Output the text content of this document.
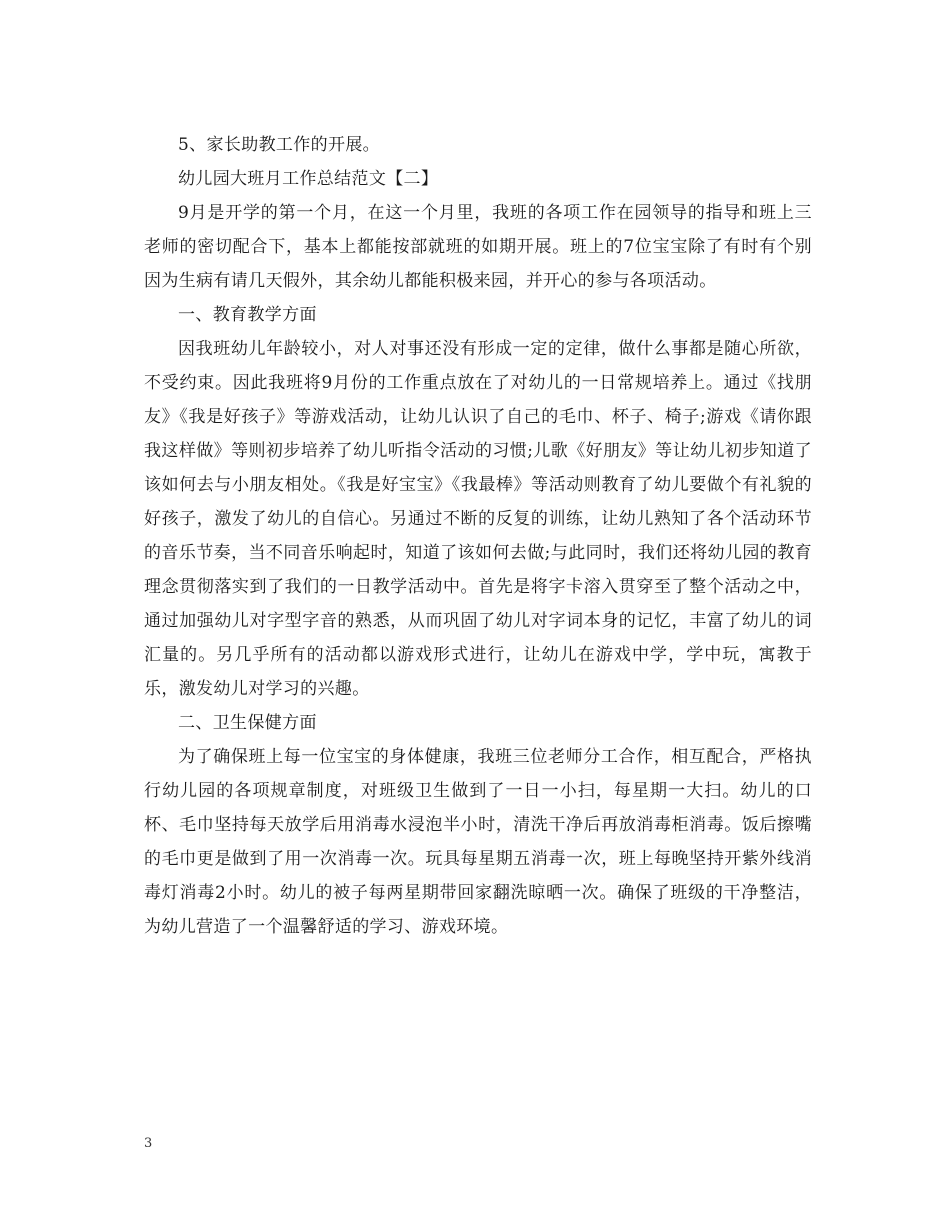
5、家长助教工作的开展。

幼儿园大班月工作总结范文【二】

9月是开学的第一个月，在这一个月里，我班的各项工作在园领导的指导和班上三老师的密切配合下，基本上都能按部就班的如期开展。班上的7位宝宝除了有时有个别因为生病有请几天假外，其余幼儿都能积极来园，并开心的参与各项活动。

一、教育教学方面

因我班幼儿年龄较小，对人对事还没有形成一定的定律，做什么事都是随心所欲，不受约束。因此我班将9月份的工作重点放在了对幼儿的一日常规培养上。通过《找朋友》《我是好孩子》等游戏活动，让幼儿认识了自己的毛巾、杯子、椅子;游戏《请你跟我这样做》等则初步培养了幼儿听指令活动的习惯;儿歌《好朋友》等让幼儿初步知道了该如何去与小朋友相处。《我是好宝宝》《我最棒》等活动则教育了幼儿要做个有礼貌的好孩子，激发了幼儿的自信心。另通过不断的反复的训练，让幼儿熟知了各个活动环节的音乐节奏，当不同音乐响起时，知道了该如何去做;与此同时，我们还将幼儿园的教育理念贯彻落实到了我们的一日教学活动中。首先是将字卡溶入贯穿至了整个活动之中，通过加强幼儿对字型字音的熟悉，从而巩固了幼儿对字词本身的记忆，丰富了幼儿的词汇量的。另几乎所有的活动都以游戏形式进行，让幼儿在游戏中学，学中玩，寓教于乐，激发幼儿对学习的兴趣。

二、卫生保健方面

为了确保班上每一位宝宝的身体健康，我班三位老师分工合作，相互配合，严格执行幼儿园的各项规章制度，对班级卫生做到了一日一小扫，每星期一大扫。幼儿的口杯、毛巾坚持每天放学后用消毒水浸泡半小时，清洗干净后再放消毒柜消毒。饭后擦嘴的毛巾更是做到了用一次消毒一次。玩具每星期五消毒一次，班上每晚坚持开紫外线消毒灯消毒2小时。幼儿的被子每两星期带回家翻洗晾晒一次。确保了班级的干净整洁，为幼儿营造了一个温馨舒适的学习、游戏环境。

3
